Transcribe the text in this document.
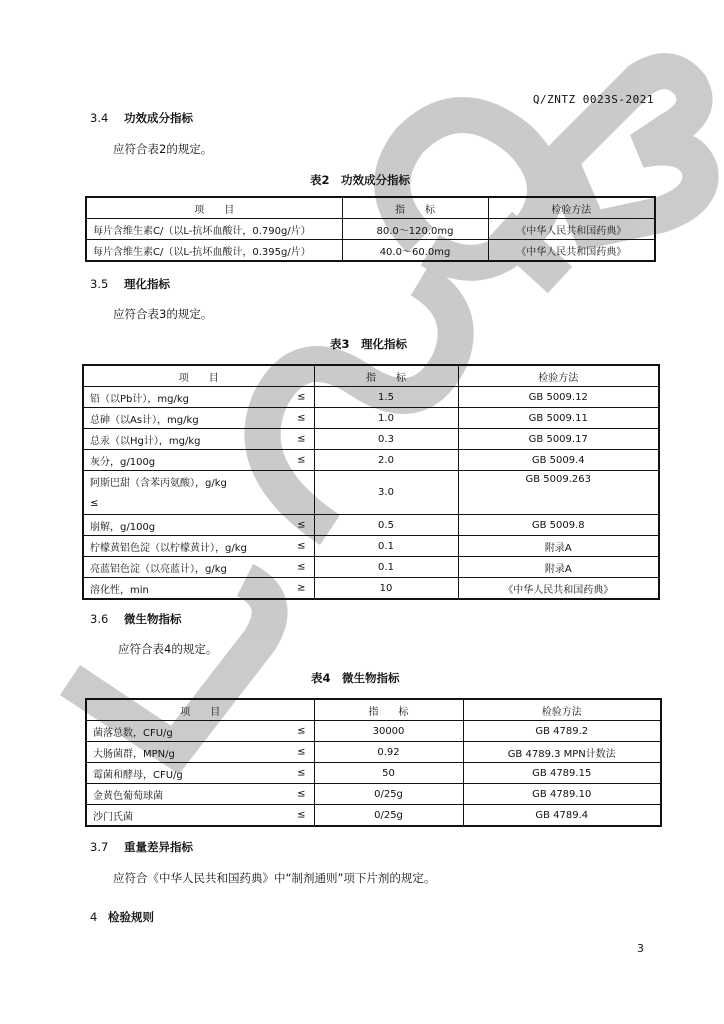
Q/ZNTZ 0023S-2021
3.4 功效成分指标
应符合表2的规定。
表2　功效成分指标
项　　目	指　　标	检验方法
每片含维生素C/（以L-抗坏血酸计，0.790g/片）	80.0～120.0mg	《中华人民共和国药典》
每片含维生素C/（以L-抗坏血酸计，0.395g/片）	40.0～60.0mg	《中华人民共和国药典》
3.5 理化指标
应符合表3的规定。
表3　理化指标
项　　目	指　　标	检验方法
铅（以Pb计），mg/kg ≤	1.5	GB 5009.12
总砷（以As计），mg/kg ≤	1.0	GB 5009.11
总汞（以Hg计），mg/kg ≤	0.3	GB 5009.17
灰分，g/100g ≤	2.0	GB 5009.4
阿斯巴甜（含苯丙氨酸），g/kg
≤	3.0	GB 5009.263
崩解，g/100g ≤	0.5	GB 5009.8
柠檬黄铝色淀（以柠檬黄计），g/kg ≤	0.1	附录A
亮蓝铝色淀（以亮蓝计），g/kg ≤	0.1	附录A
溶化性，min ≥	10	《中华人民共和国药典》
3.6 微生物指标
应符合表4的规定。
表4　微生物指标
项　　目	指　　标	检验方法
菌落总数，CFU/g ≤	30000	GB 4789.2
大肠菌群，MPN/g ≤	0.92	GB 4789.3 MPN计数法
霉菌和酵母，CFU/g ≤	50	GB 4789.15
金黄色葡萄球菌 ≤	0/25g	GB 4789.10
沙门氏菌 ≤	0/25g	GB 4789.4
3.7 重量差异指标
应符合《中华人民共和国药典》中“制剂通则”项下片剂的规定。
4 检验规则
3
